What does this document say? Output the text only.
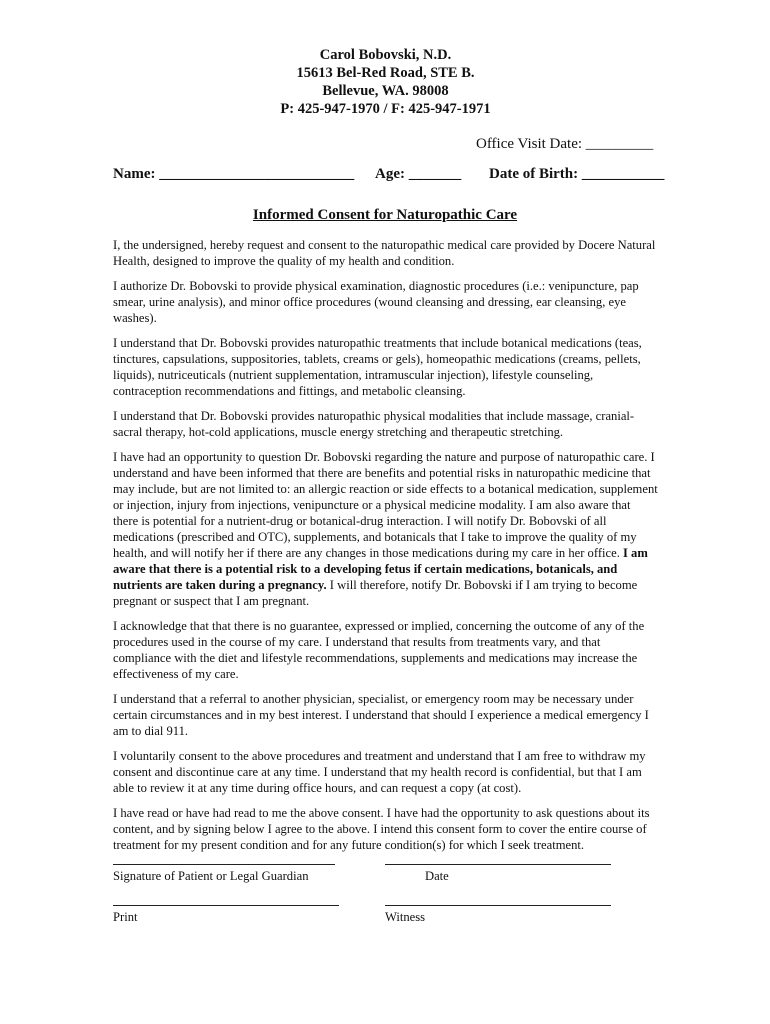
Carol Bobovski, N.D.
15613 Bel-Red Road, STE B.
Bellevue, WA. 98008
P: 425-947-1970 / F: 425-947-1971
Office Visit Date: _________
Name: __________________________ Age: _______ Date of Birth: ___________
Informed Consent for Naturopathic Care

I, the undersigned, hereby request and consent to the naturopathic medical care provided by Docere Natural Health, designed to improve the quality of my health and condition.

I authorize Dr. Bobovski to provide physical examination, diagnostic procedures (i.e.: venipuncture, pap smear, urine analysis), and minor office procedures (wound cleansing and dressing, ear cleansing, eye washes).

I understand that Dr. Bobovski provides naturopathic treatments that include botanical medications (teas, tinctures, capsulations, suppositories, tablets, creams or gels), homeopathic medications (creams, pellets, liquids), nutriceuticals (nutrient supplementation, intramuscular injection), lifestyle counseling, contraception recommendations and fittings, and metabolic cleansing.

I understand that Dr. Bobovski provides naturopathic physical modalities that include massage, cranial-sacral therapy, hot-cold applications, muscle energy stretching and therapeutic stretching.

I have had an opportunity to question Dr. Bobovski regarding the nature and purpose of naturopathic care. I understand and have been informed that there are benefits and potential risks in naturopathic medicine that may include, but are not limited to: an allergic reaction or side effects to a botanical medication, supplement or injection, injury from injections, venipuncture or a physical medicine modality. I am also aware that there is potential for a nutrient-drug or botanical-drug interaction. I will notify Dr. Bobovski of all medications (prescribed and OTC), supplements, and botanicals that I take to improve the quality of my health, and will notify her if there are any changes in those medications during my care in her office. I am aware that there is a potential risk to a developing fetus if certain medications, botanicals, and nutrients are taken during a pregnancy. I will therefore, notify Dr. Bobovski if I am trying to become pregnant or suspect that I am pregnant.

I acknowledge that that there is no guarantee, expressed or implied, concerning the outcome of any of the procedures used in the course of my care. I understand that results from treatments vary, and that compliance with the diet and lifestyle recommendations, supplements and medications may increase the effectiveness of my care.

I understand that a referral to another physician, specialist, or emergency room may be necessary under certain circumstances and in my best interest. I understand that should I experience a medical emergency I am to dial 911.

I voluntarily consent to the above procedures and treatment and understand that I am free to withdraw my consent and discontinue care at any time. I understand that my health record is confidential, but that I am able to review it at any time during office hours, and can request a copy (at cost).

I have read or have had read to me the above consent. I have had the opportunity to ask questions about its content, and by signing below I agree to the above. I intend this consent form to cover the entire course of treatment for my present condition and for any future condition(s) for which I seek treatment.

Signature of Patient or Legal Guardian	Date
Print	Witness
